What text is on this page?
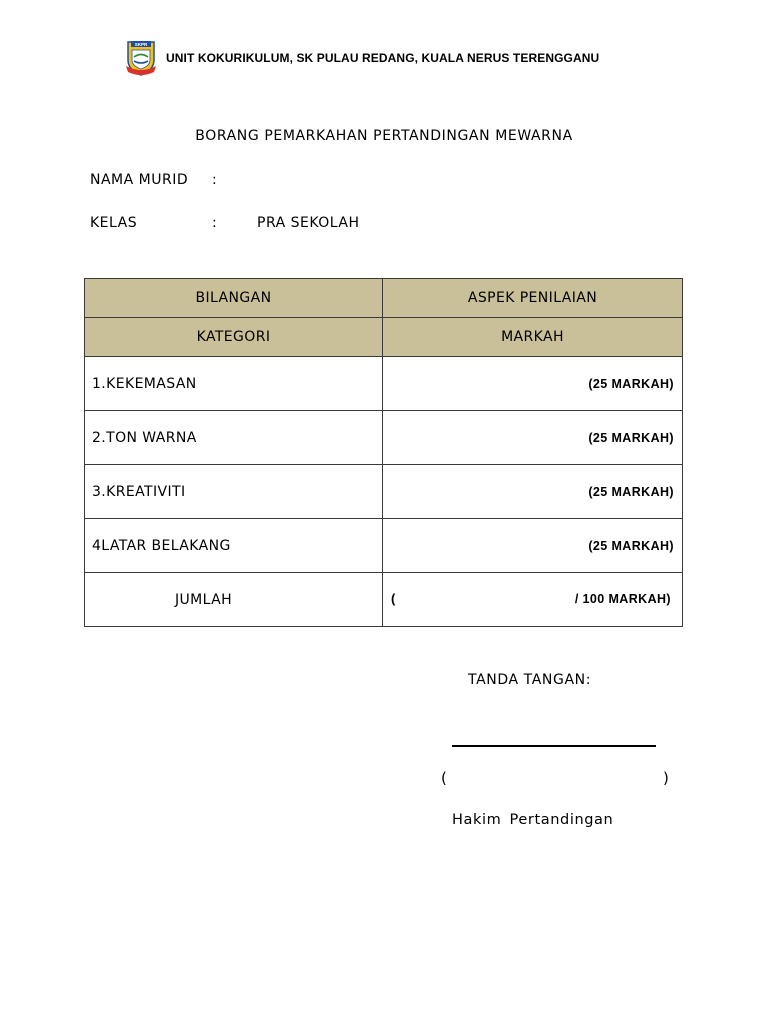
SKPR
UNIT KOKURIKULUM, SK PULAU REDANG, KUALA NERUS TERENGGANU
BORANG PEMARKAHAN PERTANDINGAN MEWARNA
NAMA MURID :
KELAS	:	PRA SEKOLAH
BILANGAN	ASPEK PENILAIAN
KATEGORI	MARKAH
1.KEKEMASAN	(25 MARKAH)
2.TON WARNA	(25 MARKAH)
3.KREATIVITI	(25 MARKAH)
4LATAR BELAKANG	(25 MARKAH)
JUMLAH	( / 100 MARKAH)
TANDA TANGAN:
(	)
Hakim Pertandingan
